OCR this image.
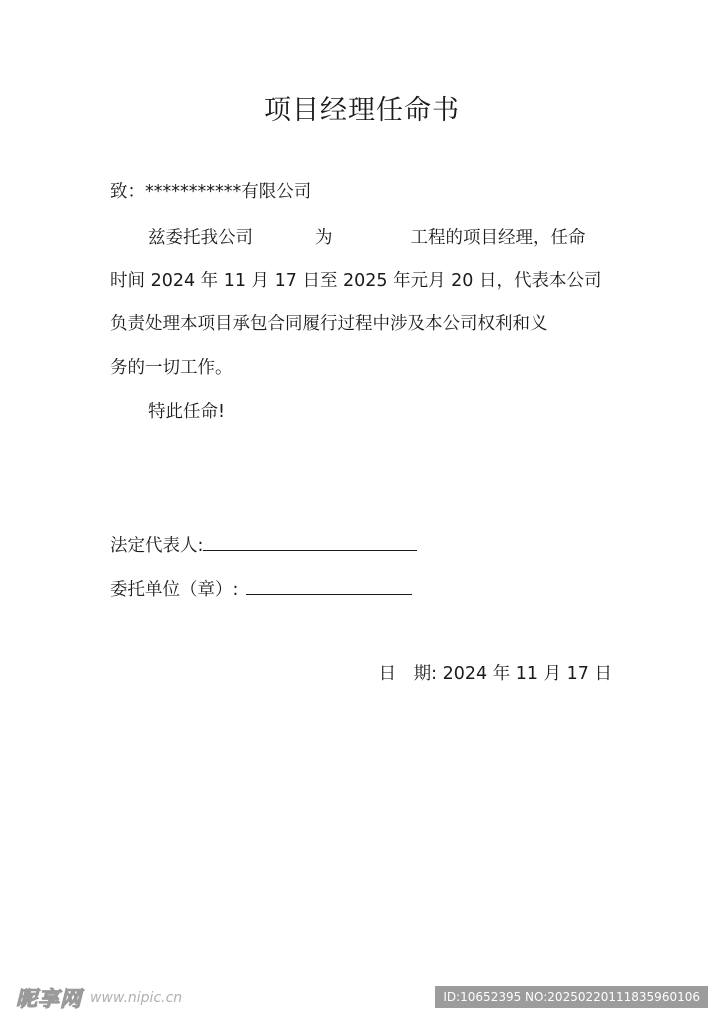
项目经理任命书
致：***********有限公司
兹委托我公司	为	工程的项目经理，任命
时间 2024 年 11 月 17 日至 2025 年元月 20 日，代表本公司
负责处理本项目承包合同履行过程中涉及本公司权利和义
务的一切工作。
特此任命!
法定代表人:
委托单位（章）:
日　期: 2024 年 11 月 17 日
昵享网 www.nipic.cn	ID:10652395 NO:20250220111835960106
